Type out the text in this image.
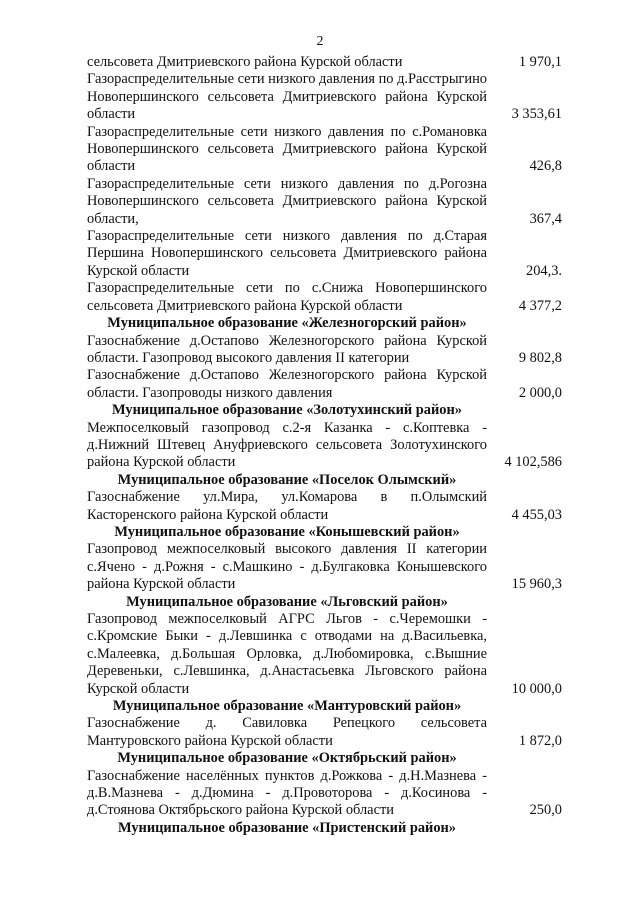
2
сельсовета Дмитриевского района Курской области	1 970,1
Газораспределительные сети низкого давления по д.Расстрыгино Новопершинского сельсовета Дмитриевского района Курской области	3 353,61
Газораспределительные сети низкого давления по с.Романовка Новопершинского сельсовета Дмитриевского района Курской области	426,8
Газораспределительные сети низкого давления по д.Рогозна Новопершинского сельсовета Дмитриевского района Курской области,	367,4
Газораспределительные сети низкого давления по д.Старая Першина Новопершинского сельсовета Дмитриевского района Курской области	204,3.
Газораспределительные сети по с.Снижа Новопершинского сельсовета Дмитриевского района Курской области	4 377,2
Муниципальное образование «Железногорский район»
Газоснабжение д.Остапово Железногорского района Курской области. Газопровод высокого давления II категории	9 802,8
Газоснабжение д.Остапово Железногорского района Курской области. Газопроводы низкого давления	2 000,0
Муниципальное образование «Золотухинский район»
Межпоселковый газопровод с.2-я Казанка - с.Коптевка - д.Нижний Штевец Ануфриевского сельсовета Золотухинского района Курской области	4 102,586
Муниципальное образование «Поселок Олымский»
Газоснабжение ул.Мира, ул.Комарова в п.Олымский Касторенского района Курской области	4 455,03
Муниципальное образование «Конышевский район»
Газопровод межпоселковый высокого давления II категории с.Ячено - д.Рожня - с.Машкино - д.Булгаковка Конышевского района Курской области	15 960,3
Муниципальное образование «Льговский район»
Газопровод межпоселковый АГРС Льгов - с.Черемошки - с.Кромские Быки - д.Левшинка с отводами на д.Васильевка, с.Малеевка, д.Большая Орловка, д.Любомировка, с.Вышние Деревеньки, с.Левшинка, д.Анастасьевка Льговского района Курской области	10 000,0
Муниципальное образование «Мантуровский район»
Газоснабжение д. Савиловка Репецкого сельсовета Мантуровского района Курской области	1 872,0
Муниципальное образование «Октябрьский район»
Газоснабжение населённых пунктов д.Рожкова - д.Н.Мазнева - д.В.Мазнева - д.Дюмина - д.Провоторова - д.Косинова - д.Стоянова Октябрьского района Курской области	250,0
Муниципальное образование «Пристенский район»
